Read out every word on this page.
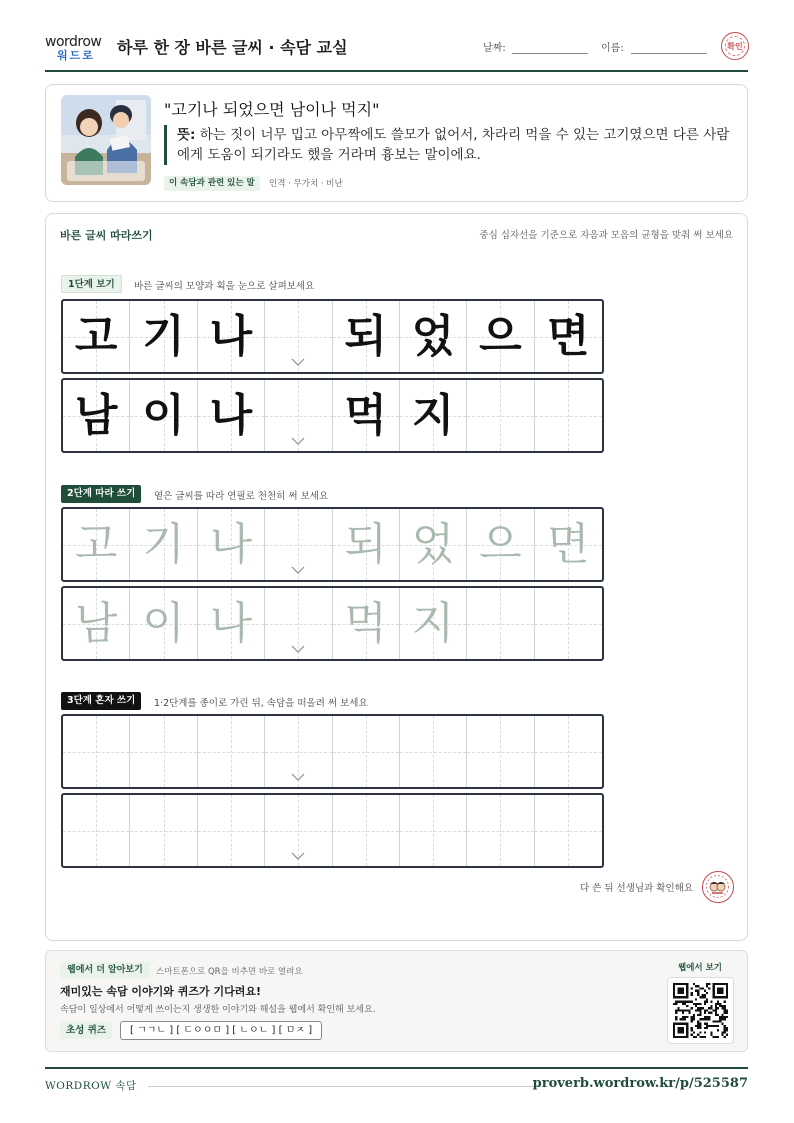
wordrow
워드로 하루 한 장 바른 글씨 · 속담 교실	날짜:	이름:	확인
"고기나 되었으면 남이나 먹지"
뜻: 하는 짓이 너무 밉고 아무짝에도 쓸모가 없어서, 차라리 먹을 수 있는 고기였으면 다른 사람에게 도움이 되기라도 했을 거라며 흉보는 말이에요.
이 속담과 관련 있는 말	인격 · 무가치 · 비난
바른 글씨 따라쓰기	중심 십자선을 기준으로 자음과 모음의 균형을 맞춰 써 보세요
1단계 보기	바른 글씨의 모양과 획을 눈으로 살펴보세요
2단계 따라 쓰기	옅은 글씨를 따라 연필로 천천히 써 보세요
3단계 혼자 쓰기	1·2단계를 종이로 가린 뒤, 속담을 떠올려 써 보세요
고 기 나 되 었 으 면
남 이 나 먹 지
고 기 나 되 었 으 면
남 이 나 먹 지
다 쓴 뒤 선생님과 확인해요
웹에서 더 알아보기	스마트폰으로 QR을 비추면 바로 열려요
재미있는 속담 이야기와 퀴즈가 기다려요!
속담이 일상에서 어떻게 쓰이는지 생생한 이야기와 해설을 웹에서 확인해 보세요.
초성 퀴즈	[ ㄱㄱㄴ ] [ ㄷㅇㅇㅁ ] [ ㄴㅇㄴ ] [ ㅁㅈ ]
웹에서 보기
WORDROW 속담	proverb.wordrow.kr/p/525587
